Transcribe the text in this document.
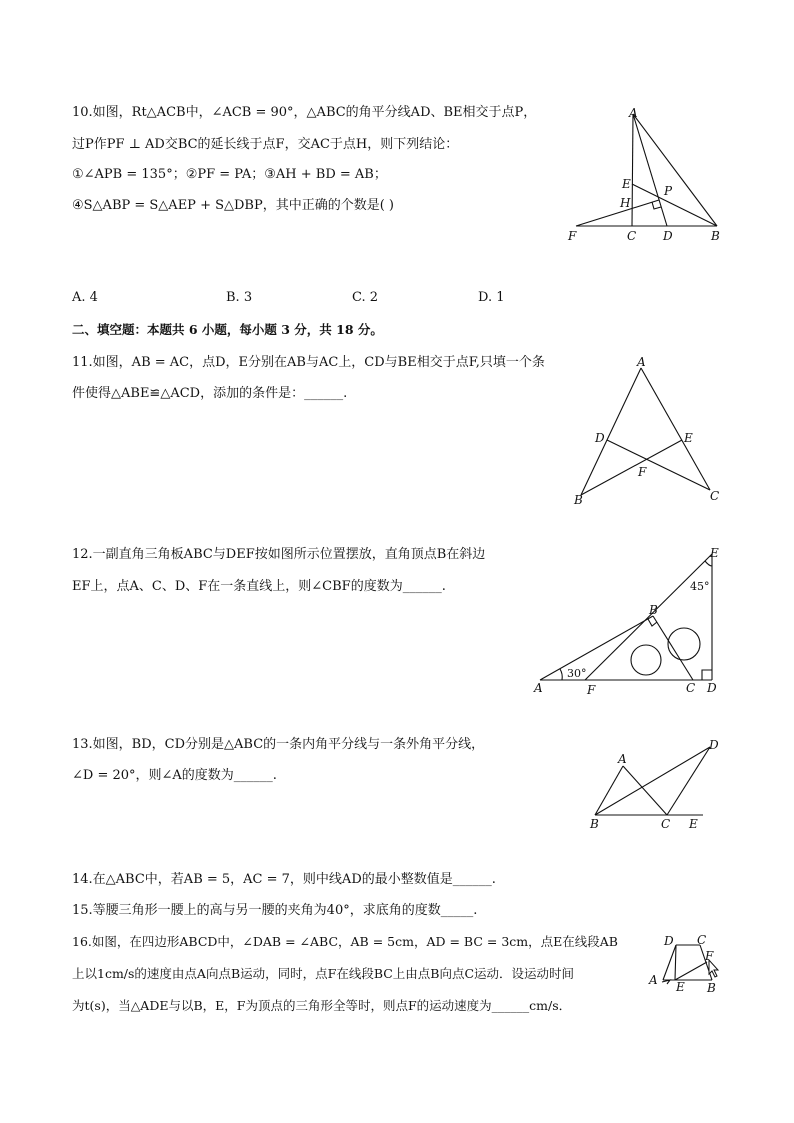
10.如图，Rt△ACB中，∠ACB = 90°，△ABC的角平分线AD、BE相交于点P，
过P作PF ⊥ AD交BC的延长线于点F，交AC于点H，则下列结论：
①∠APB = 135°；②PF = PA；③AH + BD = AB；
④S△ABP = S△AEP + S△DBP，其中正确的个数是( )
A
E	P
H
F	C D	B
A. 4	B. 3	C. 2	D. 1
二、填空题：本题共 6 小题，每小题 3 分，共 18 分。
11.如图，AB = AC，点D，E分别在AB与AC上，CD与BE相交于点F,只填一个条
件使得△ABE≌△ACD，添加的条件是：______.
A
D	E
F
B	C
12.一副直角三角板ABC与DEF按如图所示位置摆放，直角顶点B在斜边
EF上，点A、C、D、F在一条直线上，则∠CBF的度数为______.
E
45°
B
30°
A	F	C D
13.如图，BD，CD分别是△ABC的一条内角平分线与一条外角平分线，
∠D = 20°，则∠A的度数为______.
A
D
B	C E
14.在△ABC中，若AB = 5，AC = 7，则中线AD的最小整数值是______.
15.等腰三角形一腰上的高与另一腰的夹角为40°，求底角的度数_____.
16.如图，在四边形ABCD中，∠DAB = ∠ABC，AB = 5cm，AD = BC = 3cm，点E在线段AB
上以1cm/s的速度由点A向点B运动，同时，点F在线段BC上由点B向点C运动．设运动时间
为t(s)，当△ADE与以B，E，F为顶点的三角形全等时，则点F的运动速度为______cm/s．
D C
F
A E B
